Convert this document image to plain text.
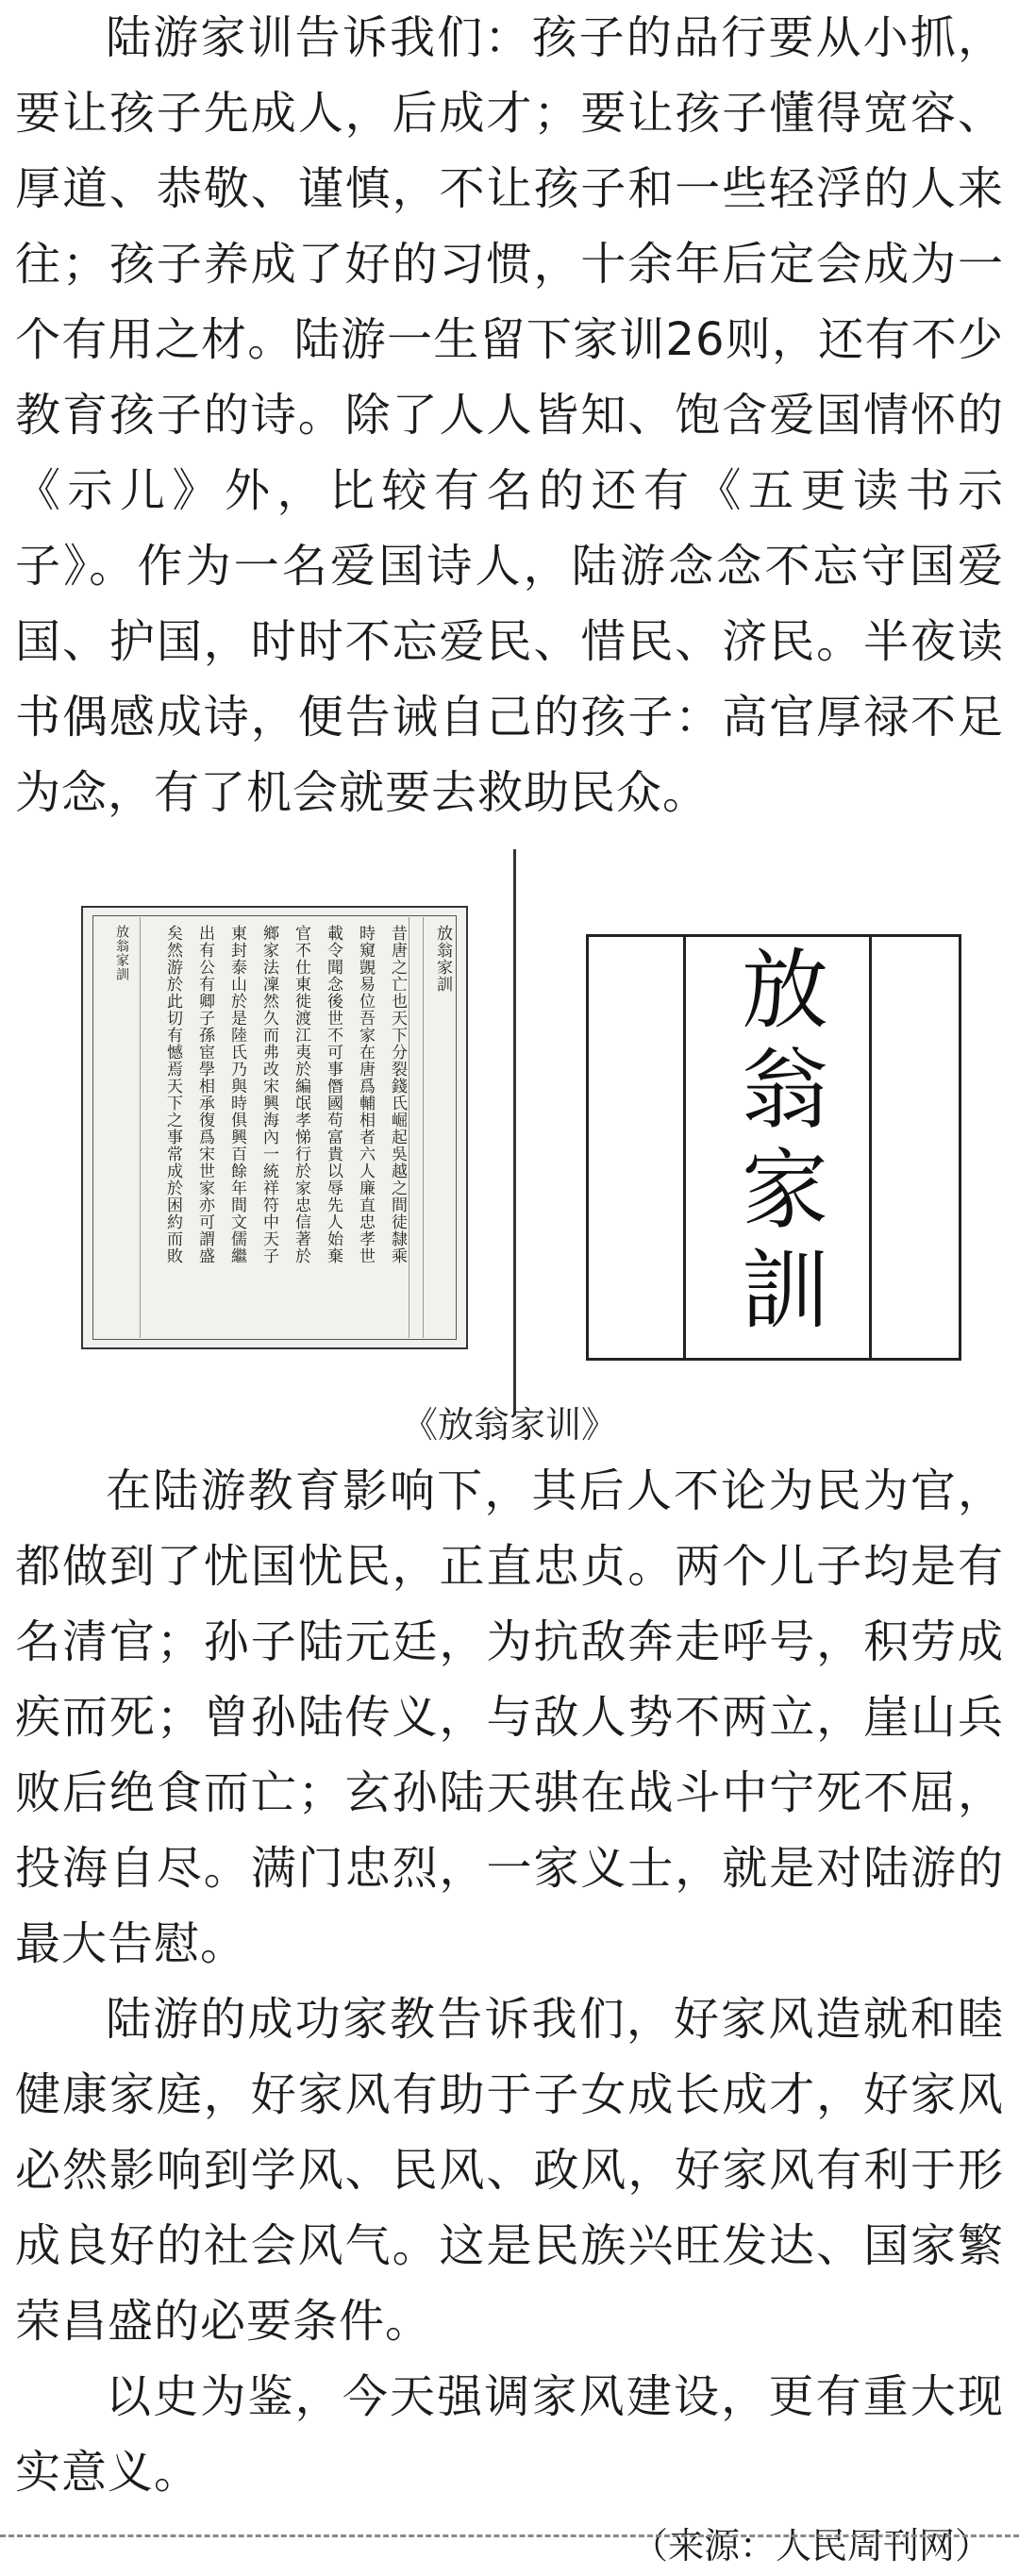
陆游家训告诉我们：孩子的品行要从小抓，要让孩子先成人，后成才；要让孩子懂得宽容、厚道、恭敬、谨慎，不让孩子和一些轻浮的人来往；孩子养成了好的习惯，十余年后定会成为一个有用之材。陆游一生留下家训26则，还有不少教育孩子的诗。除了人人皆知、饱含爱国情怀的《示儿》外，比较有名的还有《五更读书示子》。作为一名爱国诗人，陆游念念不忘守国爱国、护国，时时不忘爱民、惜民、济民。半夜读书偶感成诗，便告诫自己的孩子：高官厚禄不足为念，有了机会就要去救助民众。

放翁家訓
昔唐之亡也天下分裂錢氏崛起吳越之間徒隸乘
時窺覬易位吾家在唐爲輔相者六人廉直忠孝世
載令聞念後世不可事僭國苟富貴以辱先人始棄
官不仕東徙渡江夷於編氓孝悌行於家忠信著於
鄉家法凜然久而弗改宋興海內一統祥符中天子
東封泰山於是陸氏乃與時俱興百餘年間文儒繼
出有公有卿子孫宦學相承復爲宋世家亦可謂盛
矣然游於此切有憾焉天下之事常成於困約而敗
放翁家訓	放翁家訓
《放翁家训》

在陆游教育影响下，其后人不论为民为官，都做到了忧国忧民，正直忠贞。两个儿子均是有名清官；孙子陆元廷，为抗敌奔走呼号，积劳成疾而死；曾孙陆传义，与敌人势不两立，崖山兵败后绝食而亡；玄孙陆天骐在战斗中宁死不屈，投海自尽。满门忠烈，一家义士，就是对陆游的最大告慰。

陆游的成功家教告诉我们，好家风造就和睦健康家庭，好家风有助于子女成长成才，好家风必然影响到学风、民风、政风，好家风有利于形成良好的社会风气。这是民族兴旺发达、国家繁荣昌盛的必要条件。

以史为鉴，今天强调家风建设，更有重大现实意义。

（来源：人民周刊网）
